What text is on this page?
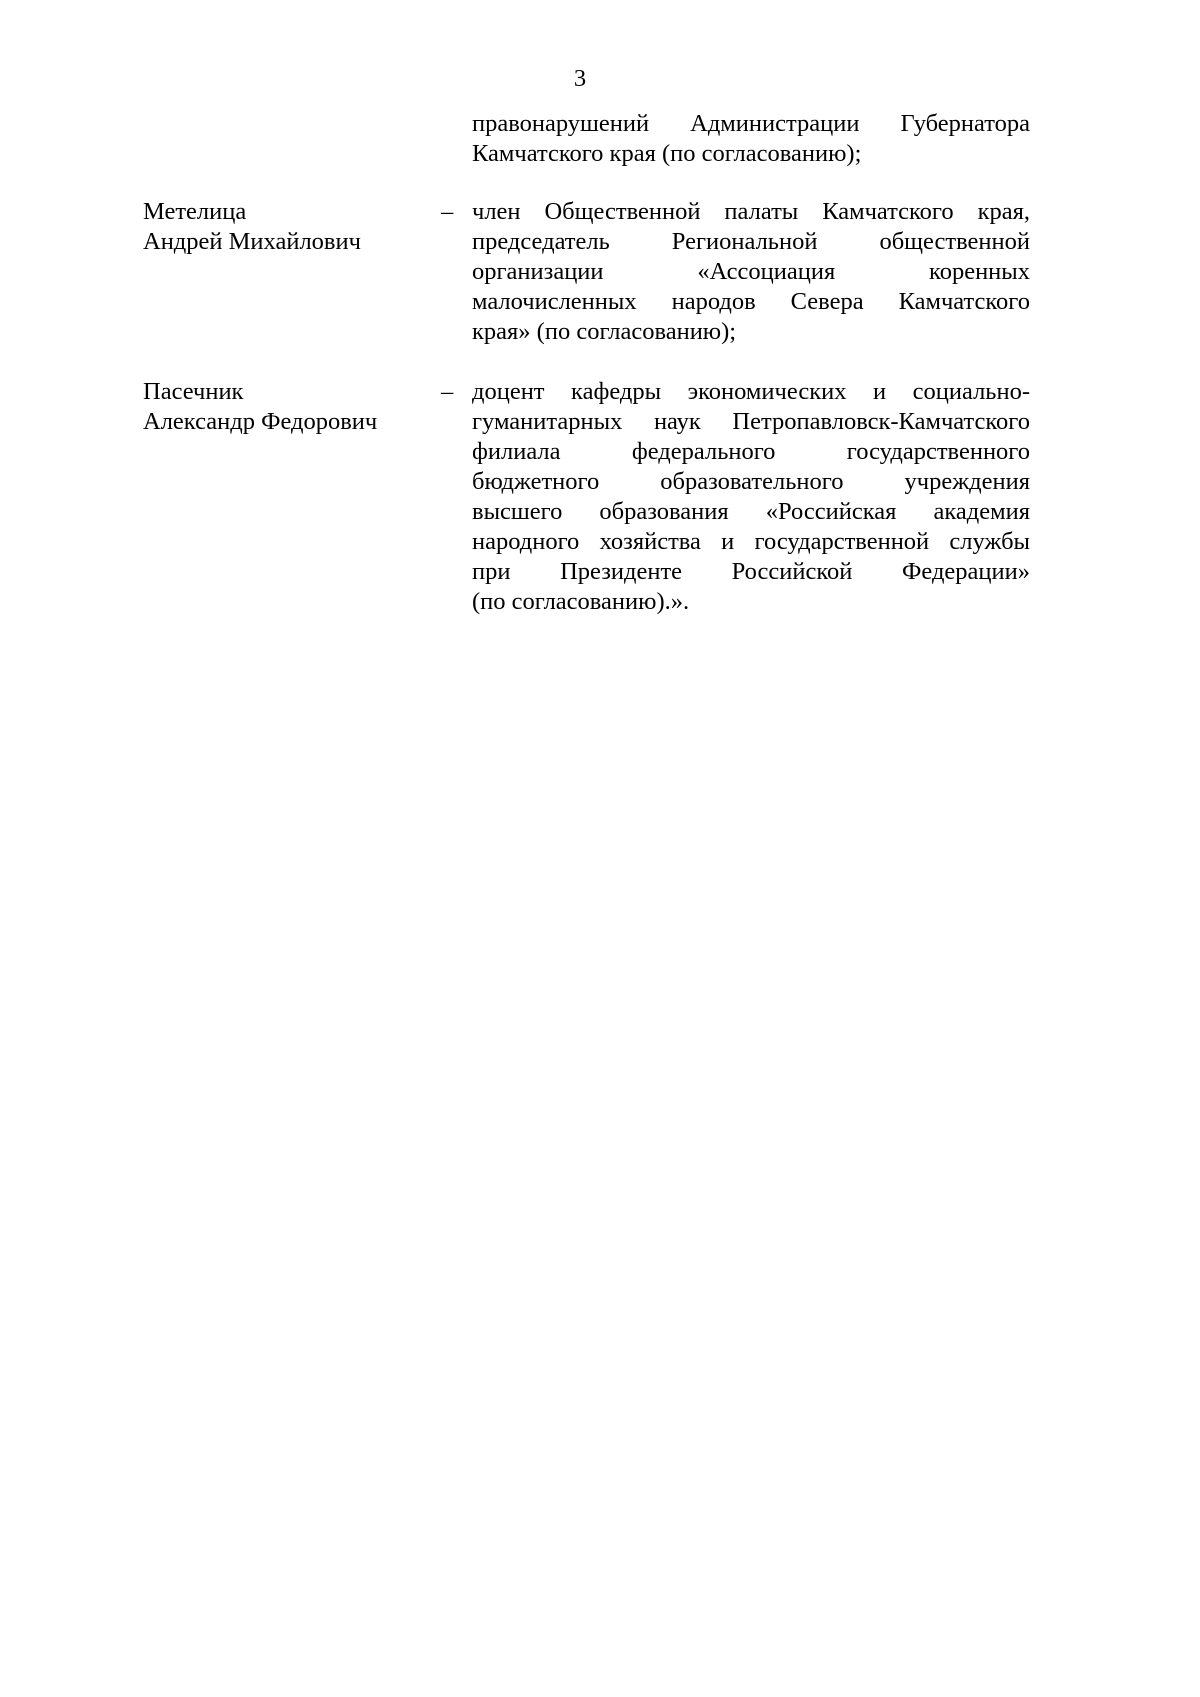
3
правонарушений Администрации Губернатора
Камчатского края (по согласованию);
Метелица
Андрей Михайлович
– член Общественной палаты Камчатского края,
председатель Региональной общественной
организации «Ассоциация коренных
малочисленных народов Севера Камчатского
края» (по согласованию);
Пасечник
Александр Федорович
– доцент кафедры экономических и социально-
гуманитарных наук Петропавловск-Камчатского
филиала федерального государственного
бюджетного образовательного учреждения
высшего образования «Российская академия
народного хозяйства и государственной службы
при Президенте Российской Федерации»
(по согласованию).».
